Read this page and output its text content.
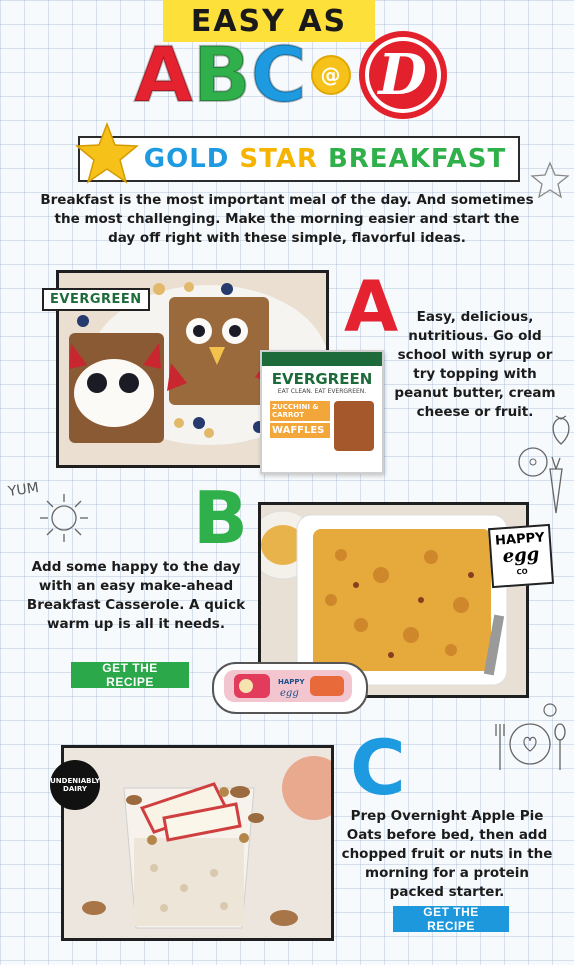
EASY AS
A B C @ D
GOLD STAR BREAKFAST
Breakfast is the most important meal of the day. And sometimes the most challenging. Make the morning easier and start the day off right with these simple, flavorful ideas.
YUM
EVERGREEN
EVERGREEN
EAT CLEAN. EAT EVERGREEN.
ZUCCHINI & CARROT
WAFFLES
A	Easy, delicious, nutritious. Go old school with syrup or try topping with peanut butter, cream cheese or fruit.
B
Add some happy to the day with an easy make-ahead Breakfast Casserole. A quick warm up is all it needs.
GET THE RECIPE
HAPPY
egg
CO
HAPPY
egg
UNDENIABLY DAIRY	C
Prep Overnight Apple Pie Oats before bed, then add chopped fruit or nuts in the morning for a protein packed starter.
GET THE RECIPE
